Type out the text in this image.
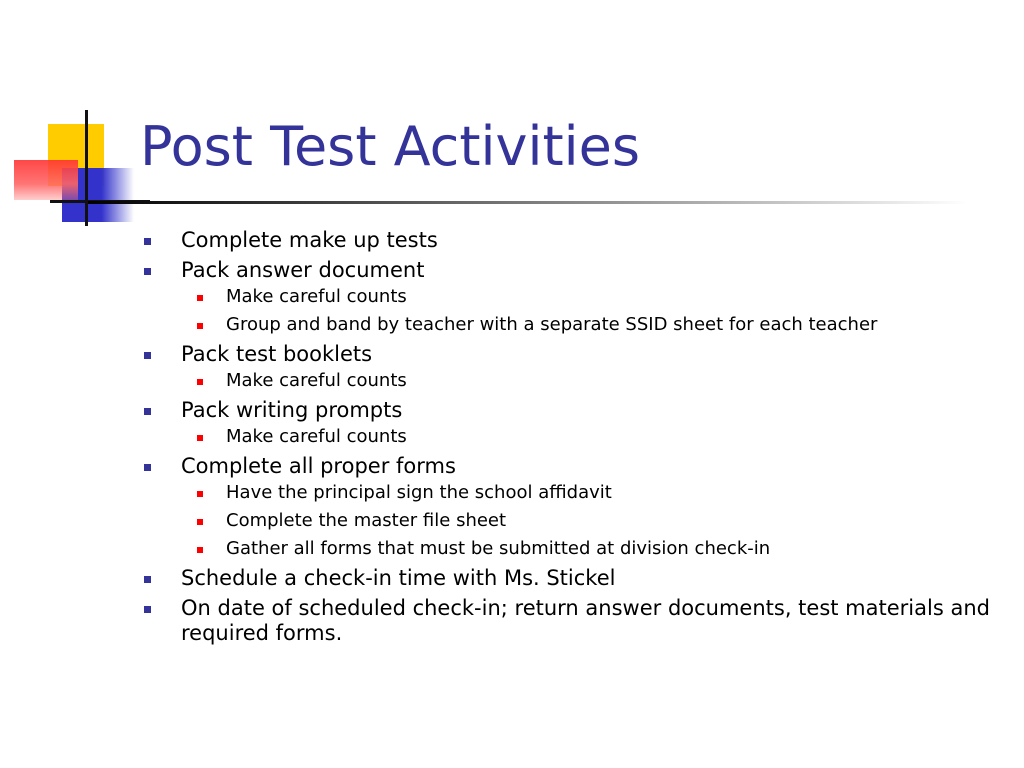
Post Test Activities
Complete make up tests
Pack answer document
Make careful counts
Group and band by teacher with a separate SSID sheet for each teacher
Pack test booklets
Make careful counts
Pack writing prompts
Make careful counts
Complete all proper forms
Have the principal sign the school affidavit
Complete the master file sheet
Gather all forms that must be submitted at division check-in
Schedule a check-in time with Ms. Stickel
On date of scheduled check-in; return answer documents, test materials and required forms.
